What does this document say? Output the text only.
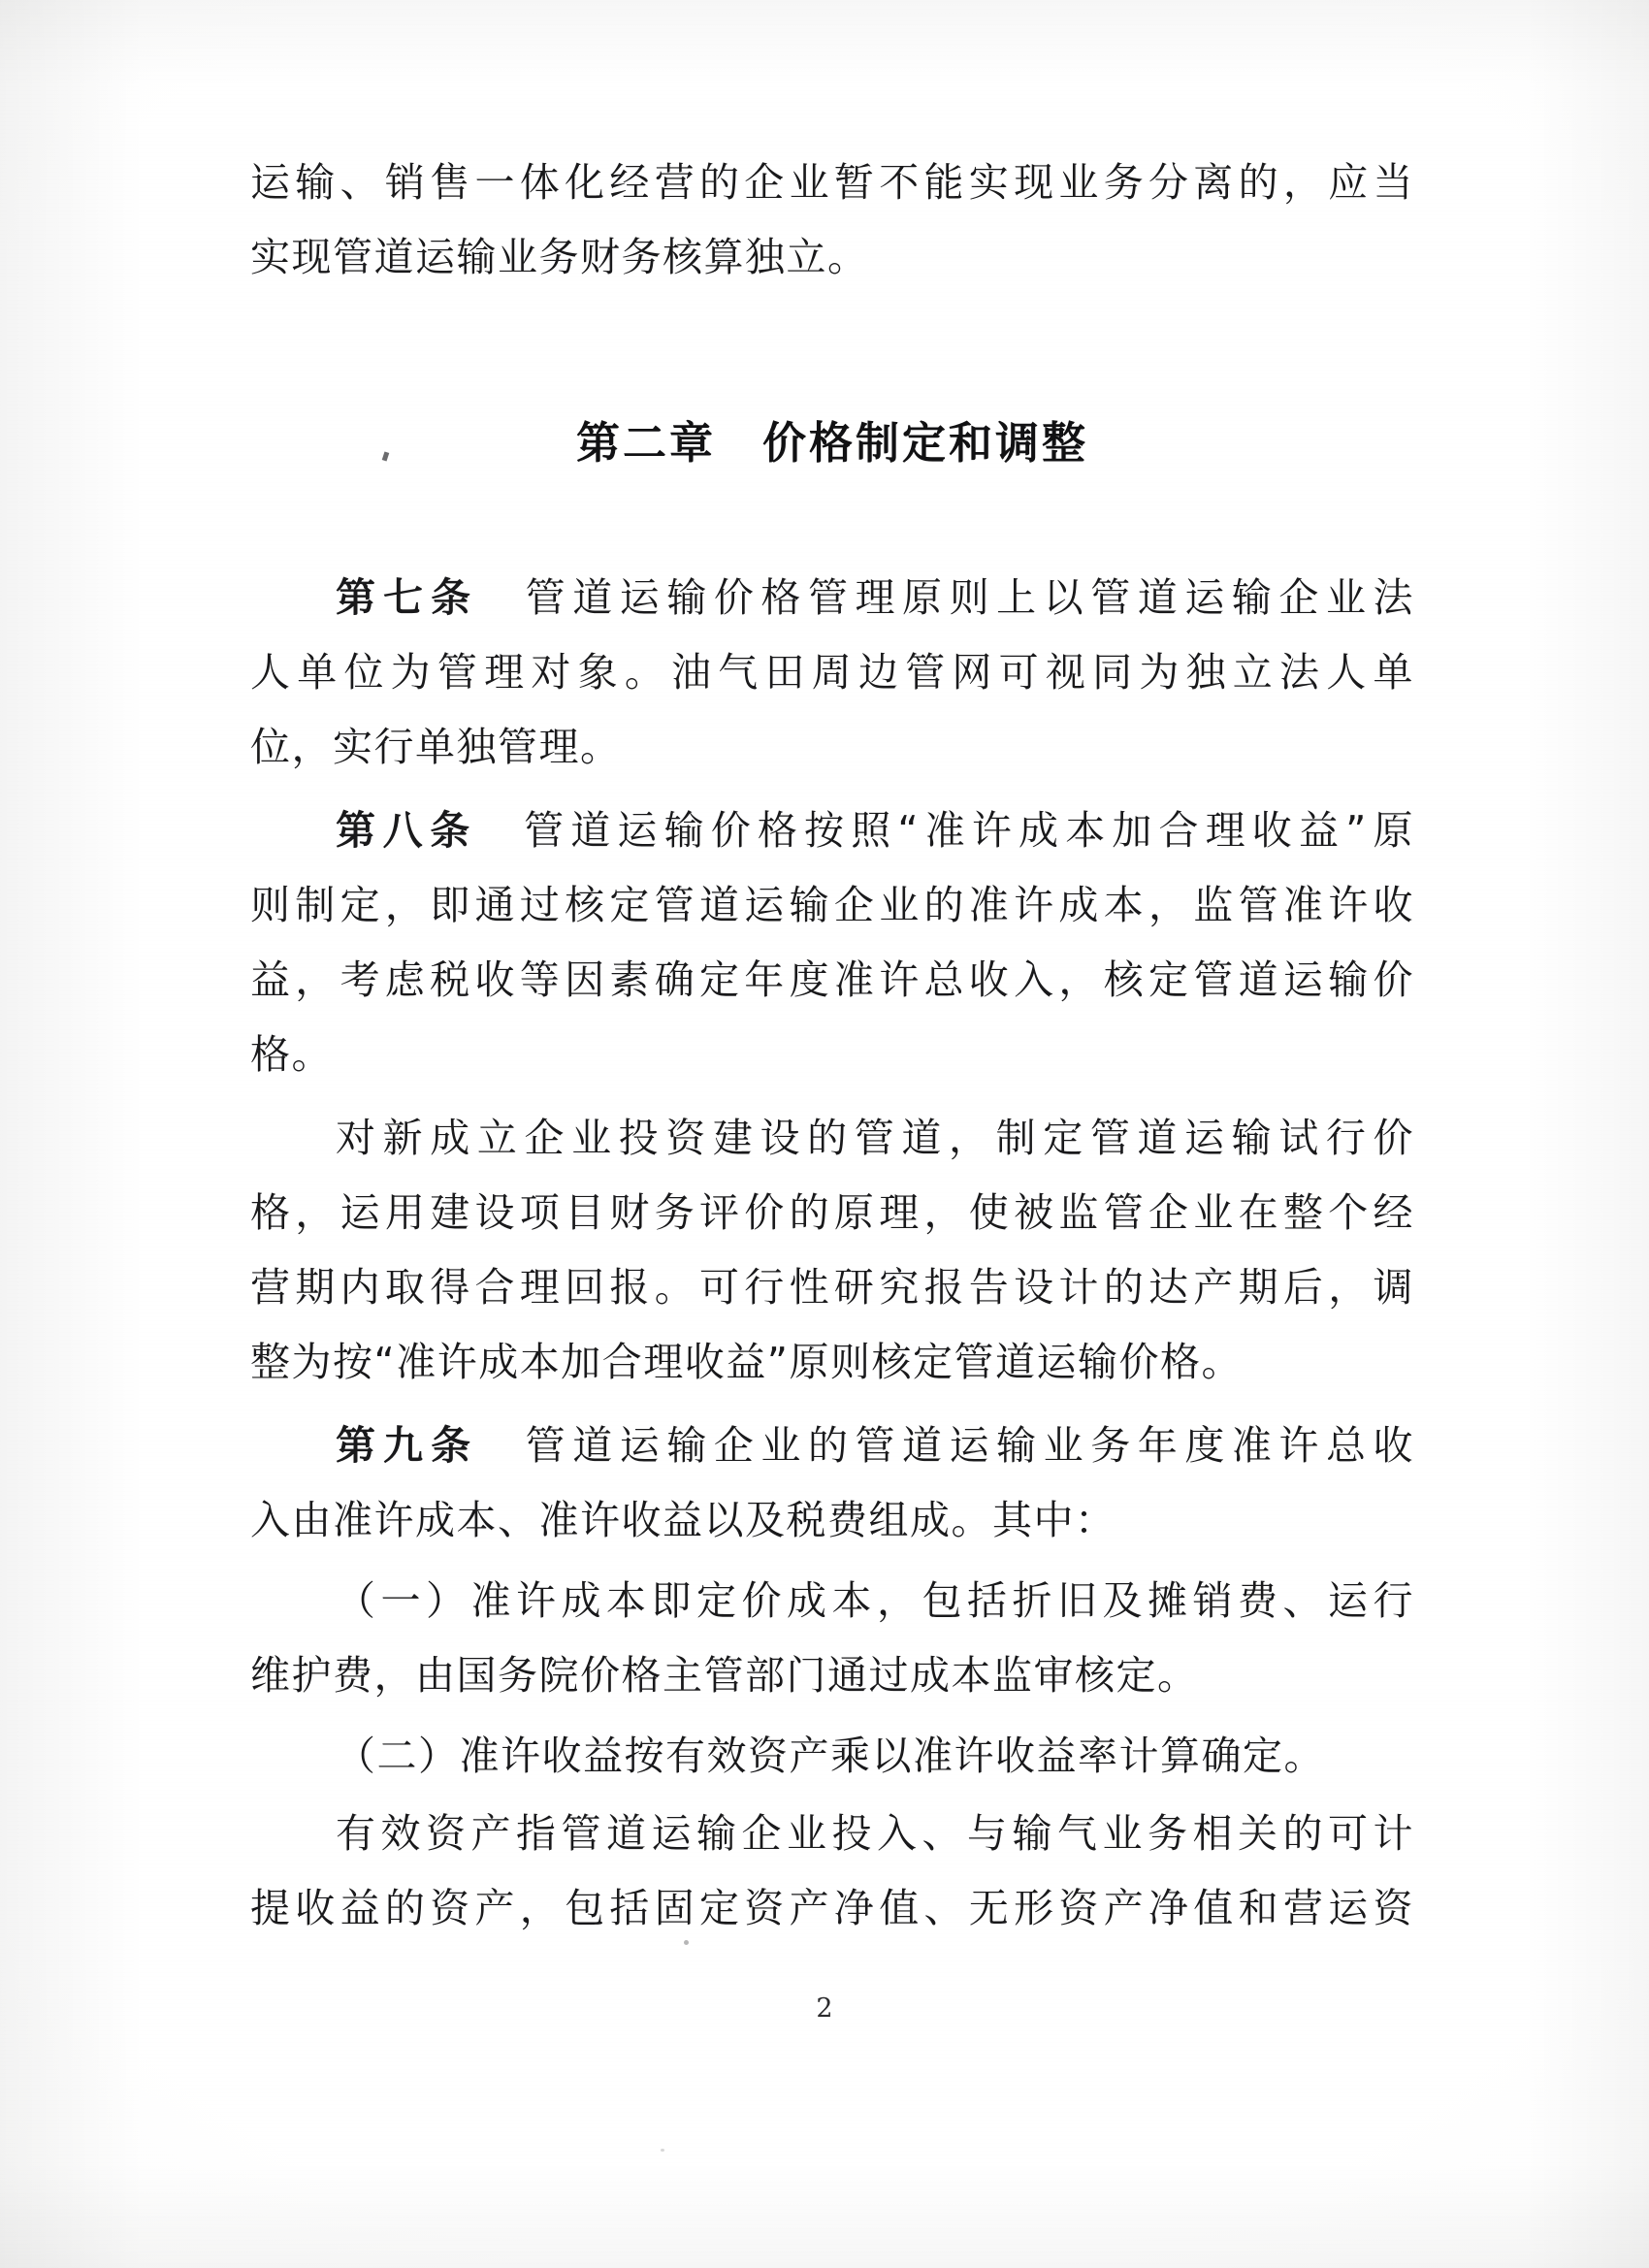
运输、销售一体化经营的企业暂不能实现业务分离的，应当
实现管道运输业务财务核算独立。
第二章　价格制定和调整
第七条　管道运输价格管理原则上以管道运输企业法
人单位为管理对象。油气田周边管网可视同为独立法人单
位，实行单独管理。
第八条　管道运输价格按照“准许成本加合理收益”原
则制定，即通过核定管道运输企业的准许成本，监管准许收
益，考虑税收等因素确定年度准许总收入，核定管道运输价
格。
对新成立企业投资建设的管道，制定管道运输试行价
格，运用建设项目财务评价的原理，使被监管企业在整个经
营期内取得合理回报。可行性研究报告设计的达产期后，调
整为按“准许成本加合理收益”原则核定管道运输价格。
第九条　管道运输企业的管道运输业务年度准许总收
入由准许成本、准许收益以及税费组成。其中：
（一）准许成本即定价成本，包括折旧及摊销费、运行
维护费，由国务院价格主管部门通过成本监审核定。
（二）准许收益按有效资产乘以准许收益率计算确定。
有效资产指管道运输企业投入、与输气业务相关的可计
提收益的资产，包括固定资产净值、无形资产净值和营运资
2
